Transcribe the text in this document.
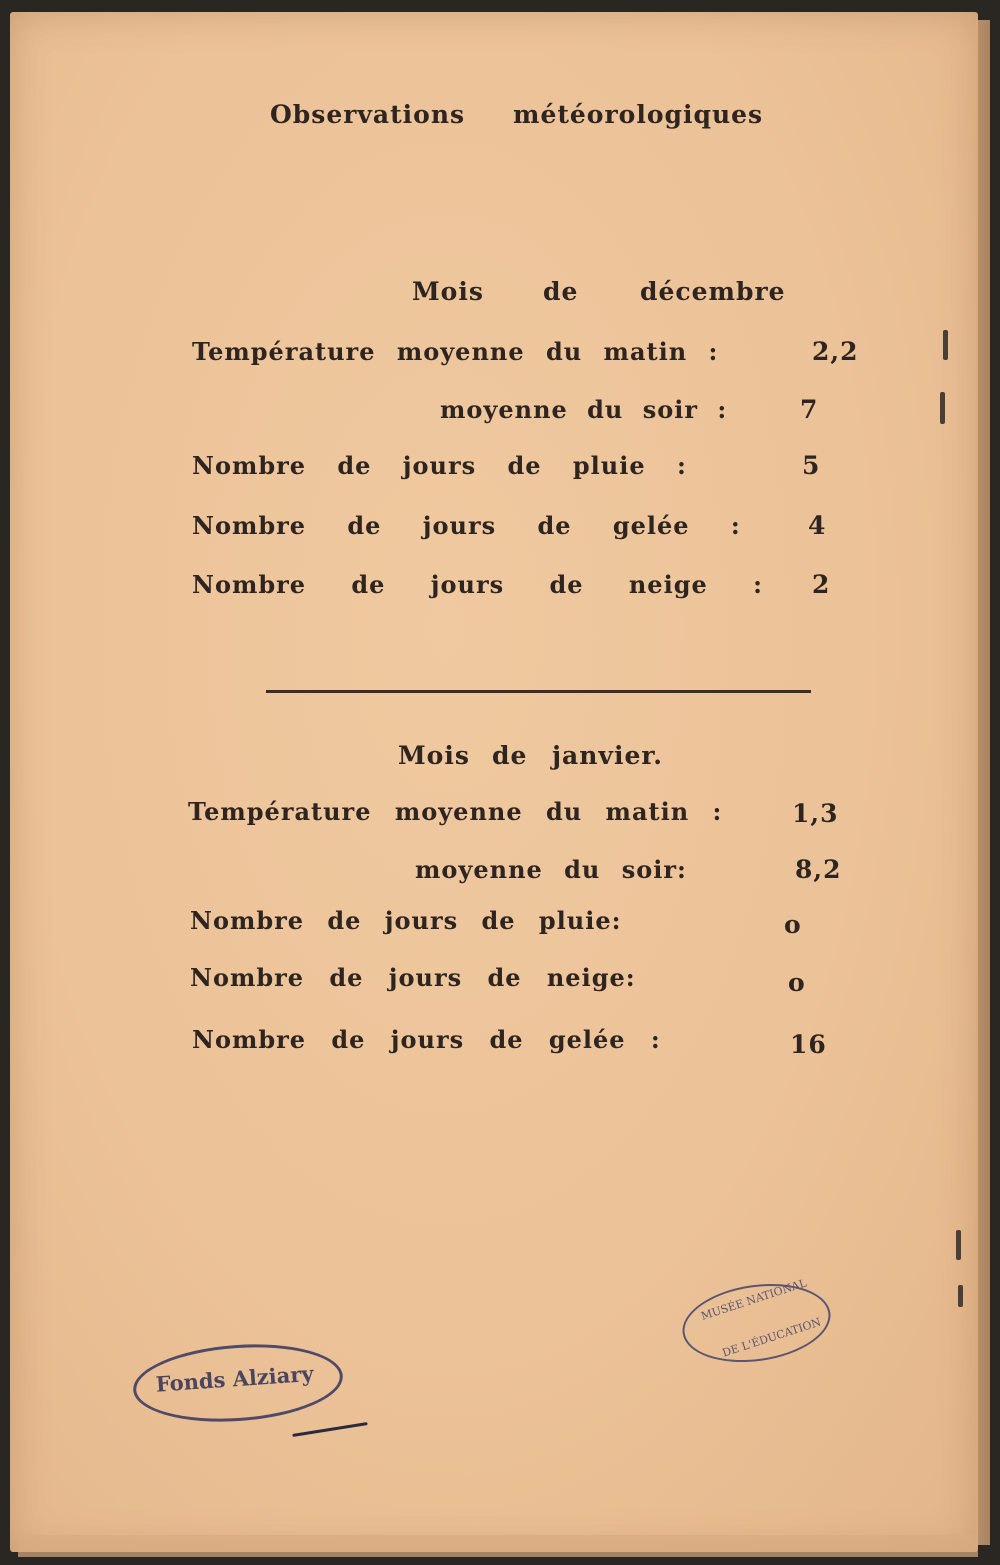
Observations météorologiques
Mois de décembre
Température moyenne du matin :	2,2
moyenne du soir :	7
Nombre de jours de pluie :	5
Nombre de jours de gelée :	4
Nombre de jours de neige : 2
Mois de janvier.
Température moyenne du matin :	1,3
moyenne du soir:	8,2
Nombre de jours de pluie:	o
Nombre de jours de neige:	o
Nombre de jours de gelée :	16
MUSÉE NATIONAL
DE L'ÉDUCATION
Fonds Alziary
